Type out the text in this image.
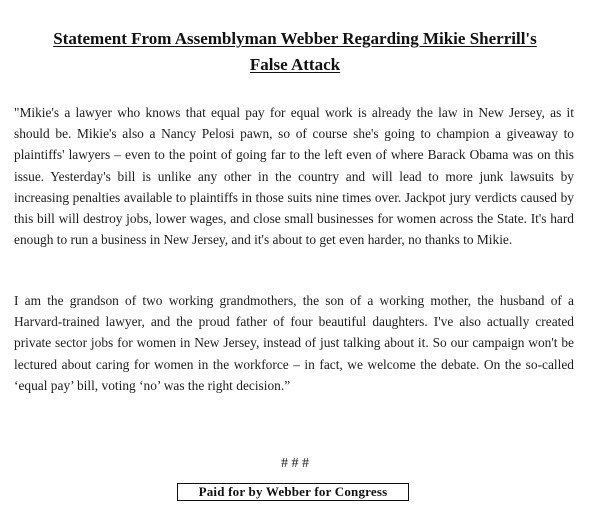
Statement From Assemblyman Webber Regarding Mikie Sherrill's
False Attack

"Mikie's a lawyer who knows that equal pay for equal work is already the law in New Jersey, as it should be. Mikie's also a Nancy Pelosi pawn, so of course she's going to champion a giveaway to plaintiffs' lawyers – even to the point of going far to the left even of where Barack Obama was on this issue. Yesterday's bill is unlike any other in the country and will lead to more junk lawsuits by increasing penalties available to plaintiffs in those suits nine times over. Jackpot jury verdicts caused by this bill will destroy jobs, lower wages, and close small businesses for women across the State. It's hard enough to run a business in New Jersey, and it's about to get even harder, no thanks to Mikie.

I am the grandson of two working grandmothers, the son of a working mother, the husband of a Harvard-trained lawyer, and the proud father of four beautiful daughters. I've also actually created private sector jobs for women in New Jersey, instead of just talking about it. So our campaign won't be lectured about caring for women in the workforce – in fact, we welcome the debate. On the so-called ‘equal pay’ bill, voting ‘no’ was the right decision.”

# # #
Paid for by Webber for Congress
